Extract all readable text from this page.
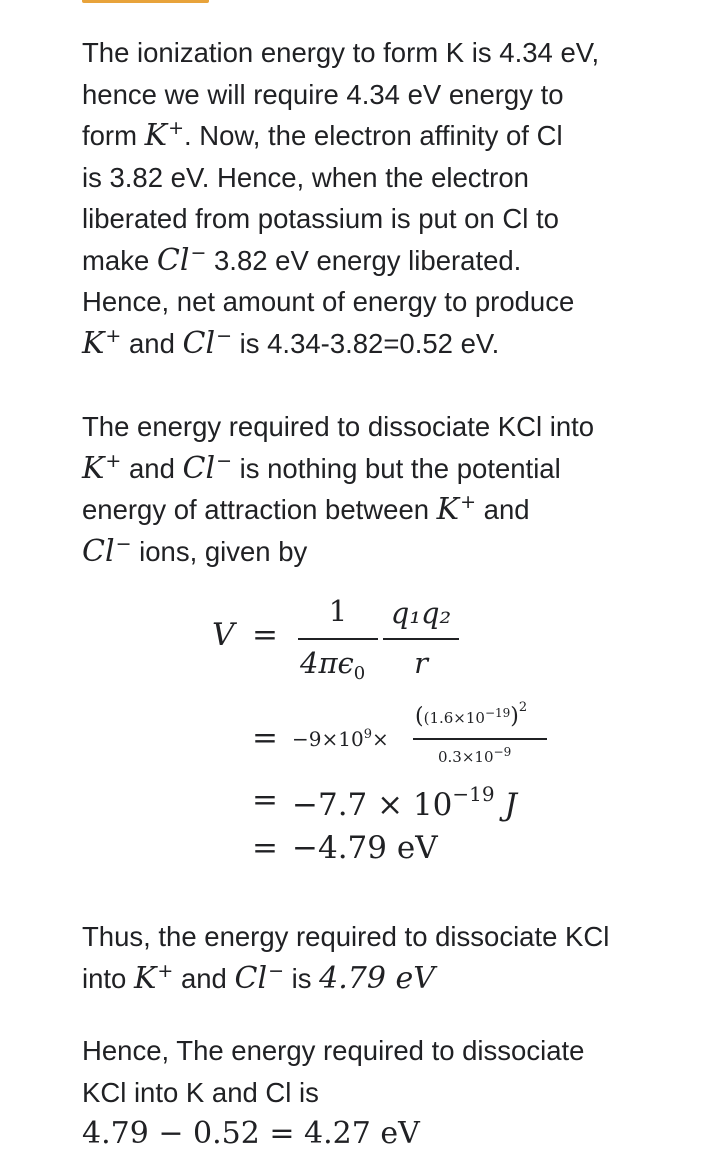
The ionization energy to form K is 4.34 eV,
hence we will require 4.34 eV energy to
form K+. Now, the electron affinity of Cl
is 3.82 eV. Hence, when the electron
liberated from potassium is put on Cl to
make Cl− 3.82 eV energy liberated.
Hence, net amount of energy to produce
K+ and Cl− is 4.34-3.82=0.52 eV.

The energy required to dissociate KCl into
K+ and Cl− is nothing but the potential
energy of attraction between K+ and
Cl− ions, given by

Thus, the energy required to dissociate KCl
into K+ and Cl− is 4.79 eV

Hence, The energy required to dissociate
KCl into K and Cl is
4.79 − 0.52 = 4.27 eV

V =
1
$4\pi\epsilon_0$
q₁q₂
r
= $-9\times 10^9\times$
($(1.6\times 10^{-19})^2$
$0.3\times 10^{-9}$
= $-7.7 \times 10^{-19}$ J
= −4.79 eV
